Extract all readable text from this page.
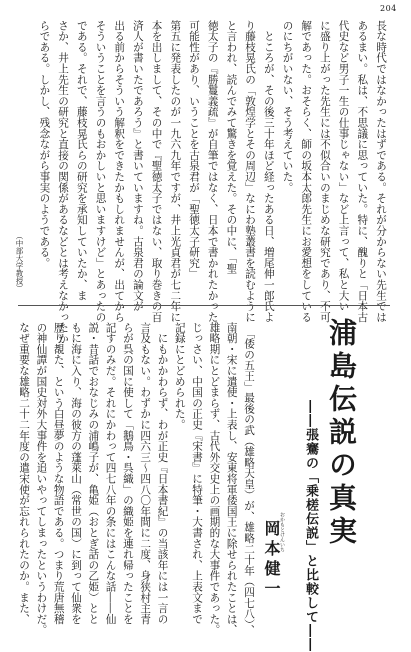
204
長な時代ではなかったはずである。それが分からない先生では
あるまい。私は、不思議に思っていた。特に、醜りと「日本古
代史など男子一生の仕事じゃない」など上言って、私と大い
に盛り上がった先生には不似合いのまじめな研究であり、不可
解であった。おそらく、師の坂本太郎先生にお愛想をしている
のにちがいない、そう考えていた。
　ところが、その後三十年ほど経ったある日、増尾伸一郎氏よ
り藤枝晃氏の「敦煌学とその周辺」なにわ塾叢書を読むように
と言われ、読んでみて驚きを覚えた。その中に、「聖
徳太子の『勝鬘義疏』が自筆ではなく、日本で書かれたかった
可能性があり、いうことを古泉君が「聖徳太子研究」
第五に発表したのが一九六九年ですが、井上光貞君が七二年に
本を出しまして、その中で『聖徳太子ではない、取り巻きの百
済人が書いたであろう』と書いていますね。古泉君の論文が
出る前からそういう解釈をできたかもしれませんが、出てから
そういうことを言うのもおかしいと思いますけど」とあったの
である。それで、藤枝晃氏らの研究を承知していたか、ま
さか、井上先生の研究と直接の関係があるなどとは考えなかったか
らである。しかし、残念ながら事実のようである。
（中部大学教授）
浦島伝説の真実
――張騫の「乗槎伝説」と比較して――
おかもとけんいち
岡本健一
　「倭の五王」最後の武（雄略天皇）が、雄略二十年（四七八）、
南朝・宋に遣使・上表し、安東将軍倭国王に除せられたことは、
雄略期にとどまらず、古代外交史上の画期的な大事件であった。
じっさい、中国の正史『宋書』に特筆・大書され、上表文まで
記録にとどめられた。
　にもかかわらず、わが正史『日本書紀』の当該年には一言の
言及もない。わずかに四六三～四八〇年間に二度、身狭村主青
らが呉の国に使して「鵝鳥・呉織」の織姫を連れ帰ったことを
記すのみだ。それにかわって四七八年の条にはこんな話――仙
説・昔話でおなじみの浦嶋子が、亀姫（おとぎ話の乙姫）とと
もに海に入り、海の彼方の蓬萊山（常世の国）に到って仙衆を
歴り覩た、という白昼夢のような物語である。つまり荒唐無稽
の神仙譚が国史対外大事件を追いやってしまったというわけだ。
なぜ重要な雄略二十二年度の遣宋使が忘れられたのか。また、
